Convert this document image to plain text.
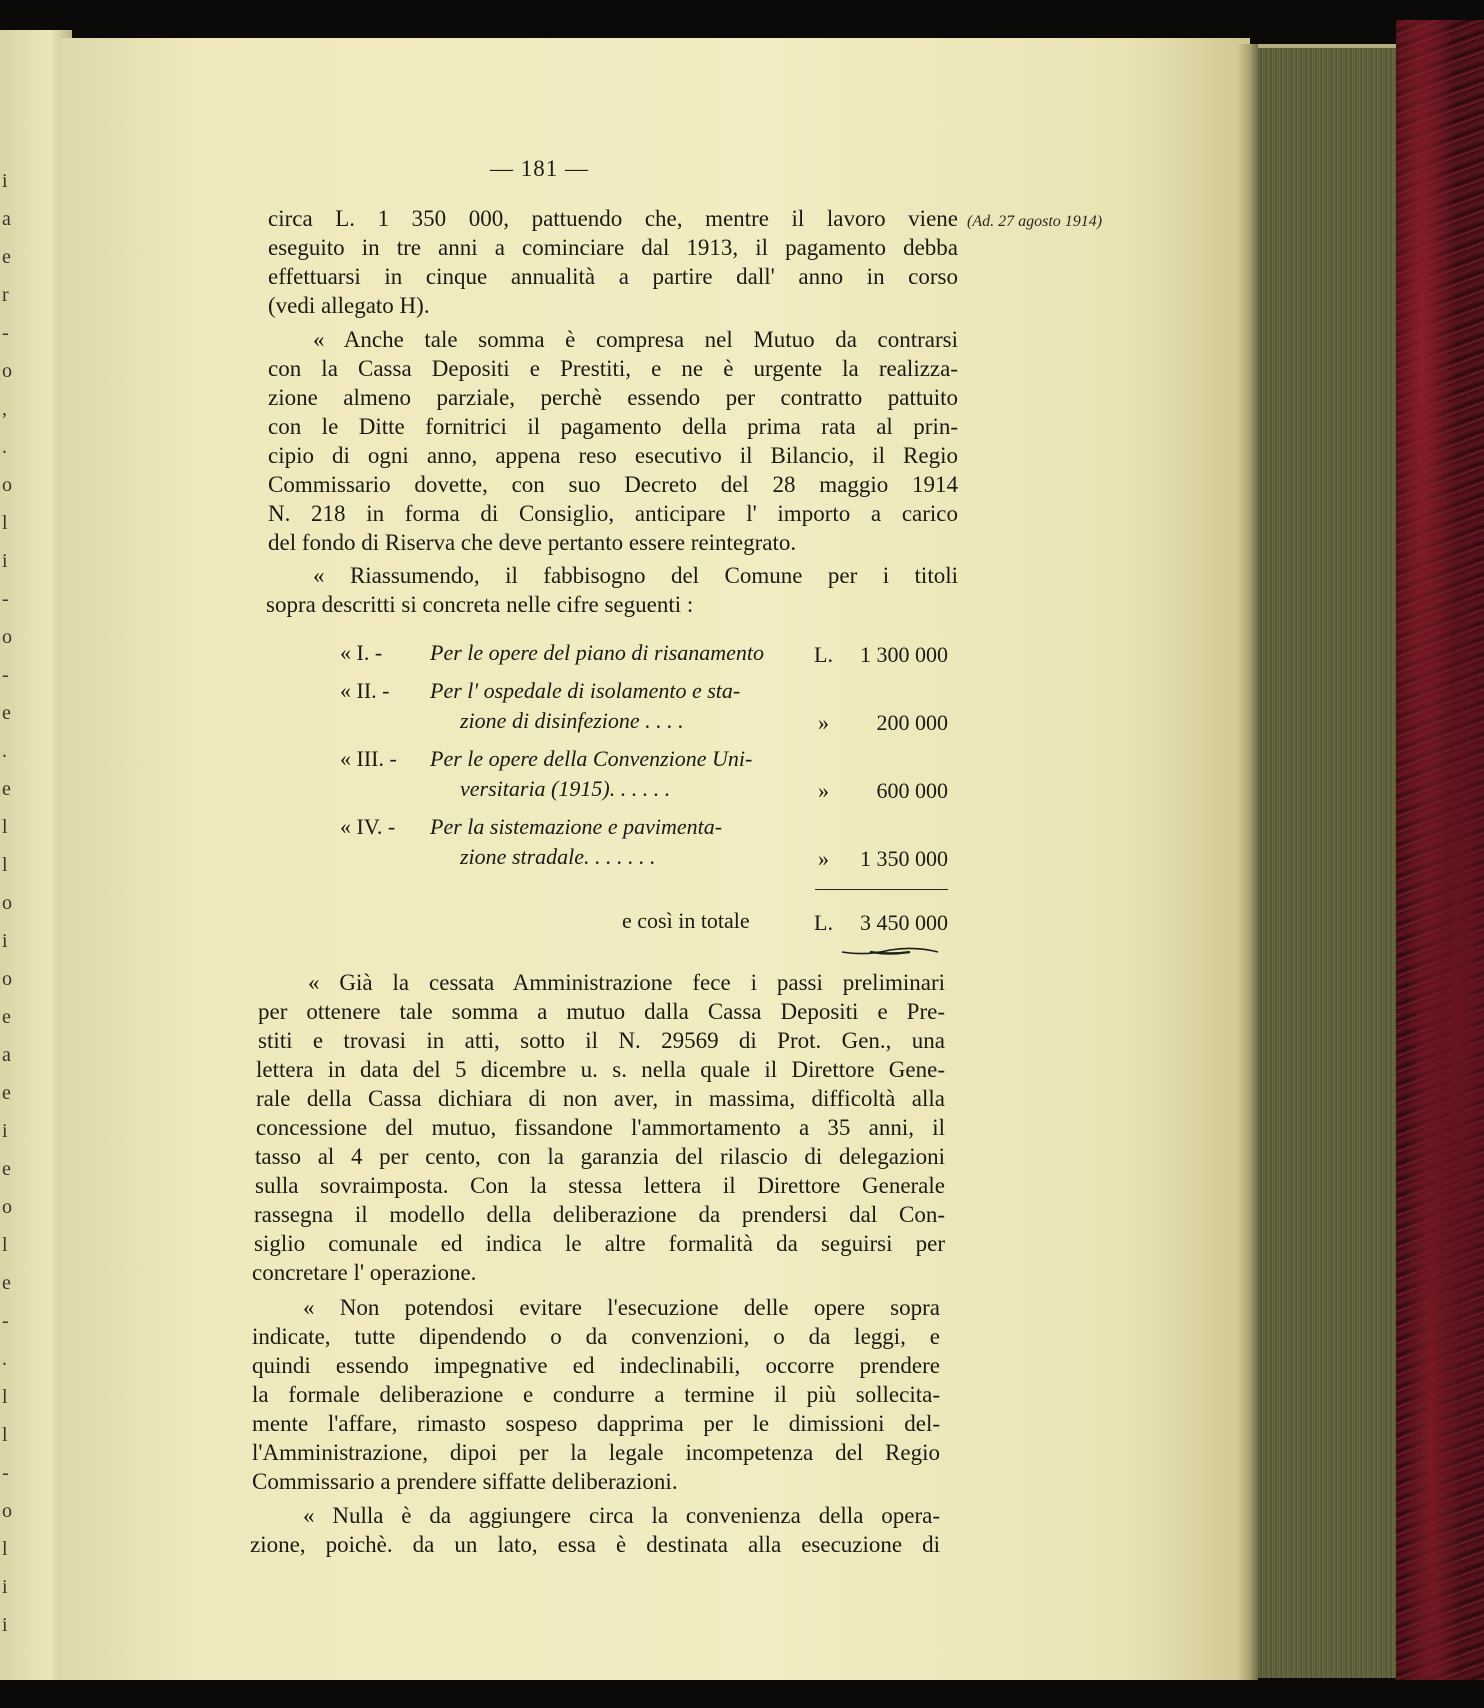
i
a
e
r
-
o
,
.
o
l
i
-
o
-
e
.
e
l
l
o
i
o
e
a
e
i
e
o
l
e
-
.
l
l
-
o
l
i
i
— 181 —
(Ad. 27 agosto 1914)
circa L. 1 350 000, pattuendo che, mentre il lavoro viene
eseguito in tre anni a cominciare dal 1913, il pagamento debba
effettuarsi in cinque annualità a partire dall' anno in corso
(vedi allegato H).
« Anche tale somma è compresa nel Mutuo da contrarsi
con la Cassa Depositi e Prestiti, e ne è urgente la realizza-
zione almeno parziale, perchè essendo per contratto pattuito
con le Ditte fornitrici il pagamento della prima rata al prin-
cipio di ogni anno, appena reso esecutivo il Bilancio, il Regio
Commissario dovette, con suo Decreto del 28 maggio 1914
N. 218 in forma di Consiglio, anticipare l' importo a carico
del fondo di Riserva che deve pertanto essere reintegrato.
« Riassumendo, il fabbisogno del Comune per i titoli
sopra descritti si concreta nelle cifre seguenti :
« I. - Per le opere del piano di risanamento L.	1 300 000
« II. - Per l' ospedale di isolamento e sta-
zione di disinfezione . . . .	»	200 000
« III. - Per le opere della Convenzione Uni-
versitaria (1915). . . . . .	»	600 000
« IV. - Per la sistemazione e pavimenta-
zione stradale. . . . . . .	»	1 350 000
e così in totale	L.	3 450 000
« Già la cessata Amministrazione fece i passi preliminari
per ottenere tale somma a mutuo dalla Cassa Depositi e Pre-
stiti e trovasi in atti, sotto il N. 29569 di Prot. Gen., una
lettera in data del 5 dicembre u. s. nella quale il Direttore Gene-
rale della Cassa dichiara di non aver, in massima, difficoltà alla
concessione del mutuo, fissandone l'ammortamento a 35 anni, il
tasso al 4 per cento, con la garanzia del rilascio di delegazioni
sulla sovraimposta. Con la stessa lettera il Direttore Generale
rassegna il modello della deliberazione da prendersi dal Con-
siglio comunale ed indica le altre formalità da seguirsi per
concretare l' operazione.
« Non potendosi evitare l'esecuzione delle opere sopra
indicate, tutte dipendendo o da convenzioni, o da leggi, e
quindi essendo impegnative ed indeclinabili, occorre prendere
la formale deliberazione e condurre a termine il più sollecita-
mente l'affare, rimasto sospeso dapprima per le dimissioni del-
l'Amministrazione, dipoi per la legale incompetenza del Regio
Commissario a prendere siffatte deliberazioni.
« Nulla è da aggiungere circa la convenienza della opera-
zione, poichè. da un lato, essa è destinata alla esecuzione di
